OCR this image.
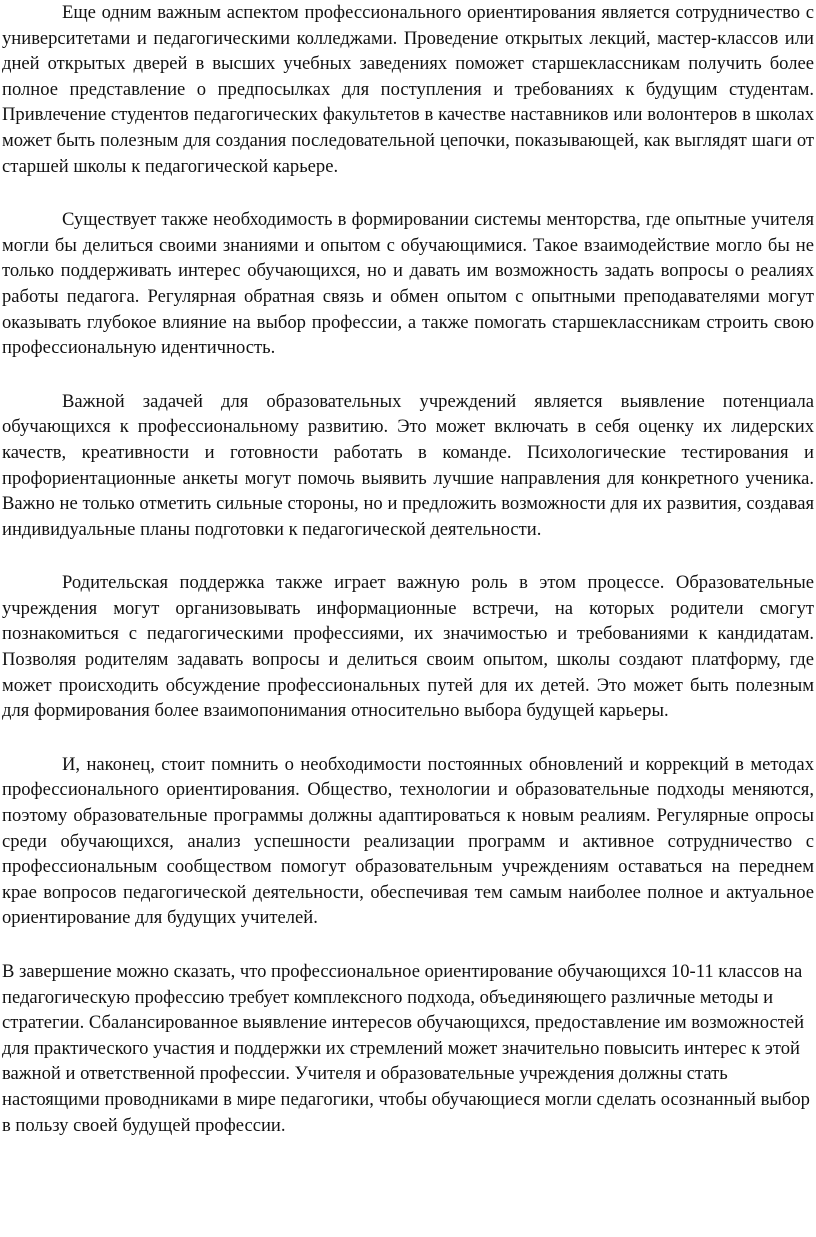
Еще одним важным аспектом профессионального ориентирования является сотрудничество с университетами и педагогическими колледжами. Проведение открытых лекций, мастер-классов или дней открытых дверей в высших учебных заведениях поможет старшеклассникам получить более полное представление о предпосылках для поступления и требованиях к будущим студентам. Привлечение студентов педагогических факультетов в качестве наставников или волонтеров в школах может быть полезным для создания последовательной цепочки, показывающей, как выглядят шаги от старшей школы к педагогической карьере.

Существует также необходимость в формировании системы менторства, где опытные учителя могли бы делиться своими знаниями и опытом с обучающимися. Такое взаимодействие могло бы не только поддерживать интерес обучающихся, но и давать им возможность задать вопросы о реалиях работы педагога. Регулярная обратная связь и обмен опытом с опытными преподавателями могут оказывать глубокое влияние на выбор профессии, а также помогать старшеклассникам строить свою профессиональную идентичность.

Важной задачей для образовательных учреждений является выявление потенциала обучающихся к профессиональному развитию. Это может включать в себя оценку их лидерских качеств, креативности и готовности работать в команде. Психологические тестирования и профориентационные анкеты могут помочь выявить лучшие направления для конкретного ученика. Важно не только отметить сильные стороны, но и предложить возможности для их развития, создавая индивидуальные планы подготовки к педагогической деятельности.

Родительская поддержка также играет важную роль в этом процессе. Образовательные учреждения могут организовывать информационные встречи, на которых родители смогут познакомиться с педагогическими профессиями, их значимостью и требованиями к кандидатам. Позволяя родителям задавать вопросы и делиться своим опытом, школы создают платформу, где может происходить обсуждение профессиональных путей для их детей. Это может быть полезным для формирования более взаимопонимания относительно выбора будущей карьеры.

И, наконец, стоит помнить о необходимости постоянных обновлений и коррекций в методах профессионального ориентирования. Общество, технологии и образовательные подходы меняются, поэтому образовательные программы должны адаптироваться к новым реалиям. Регулярные опросы среди обучающихся, анализ успешности реализации программ и активное сотрудничество с профессиональным сообществом помогут образовательным учреждениям оставаться на переднем крае вопросов педагогической деятельности, обеспечивая тем самым наиболее полное и актуальное ориентирование для будущих учителей.

В завершение можно сказать, что профессиональное ориентирование обучающихся 10-11 классов на педагогическую профессию требует комплексного подхода, объединяющего различные методы и стратегии. Сбалансированное выявление интересов обучающихся, предоставление им возможностей для практического участия и поддержки их стремлений может значительно повысить интерес к этой важной и ответственной профессии. Учителя и образовательные учреждения должны стать настоящими проводниками в мире педагогики, чтобы обучающиеся могли сделать осознанный выбор в пользу своей будущей профессии.
